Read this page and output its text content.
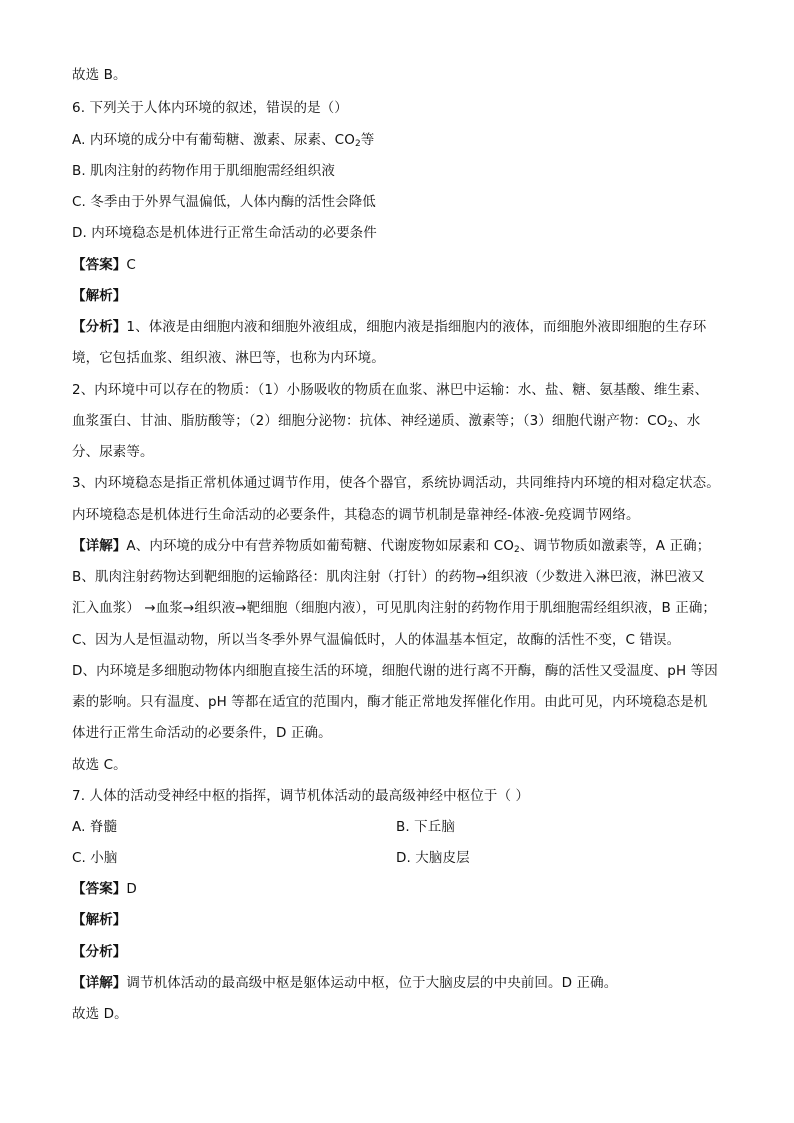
故选 B。
6. 下列关于人体内环境的叙述，错误的是（）
A. 内环境的成分中有葡萄糖、激素、尿素、$CO_2$等
B. 肌肉注射的药物作用于肌细胞需经组织液
C. 冬季由于外界气温偏低，人体内酶的活性会降低
D. 内环境稳态是机体进行正常生命活动的必要条件
【答案】C
【解析】
【分析】1、体液是由细胞内液和细胞外液组成，细胞内液是指细胞内的液体，而细胞外液即细胞的生存环
境，它包括血浆、组织液、淋巴等，也称为内环境。
2、内环境中可以存在的物质：（1）小肠吸收的物质在血浆、淋巴中运输：水、盐、糖、氨基酸、维生素、
血浆蛋白、甘油、脂肪酸等；（2）细胞分泌物：抗体、神经递质、激素等；（3）细胞代谢产物：$CO_2$、水
分、尿素等。
3、内环境稳态是指正常机体通过调节作用，使各个器官，系统协调活动，共同维持内环境的相对稳定状态。
内环境稳态是机体进行生命活动的必要条件，其稳态的调节机制是靠神经-体液-免疫调节网络。
【详解】A、内环境的成分中有营养物质如葡萄糖、代谢废物如尿素和 $CO_2$、调节物质如激素等，A 正确；
B、肌肉注射药物达到靶细胞的运输路径：肌肉注射（打针）的药物→组织液（少数进入淋巴液，淋巴液又
汇入血浆） →血浆→组织液→靶细胞（细胞内液），可见肌肉注射的药物作用于肌细胞需经组织液，B 正确；
C、因为人是恒温动物，所以当冬季外界气温偏低时，人的体温基本恒定，故酶的活性不变，C 错误。
D、内环境是多细胞动物体内细胞直接生活的环境，细胞代谢的进行离不开酶，酶的活性又受温度、pH 等因
素的影响。只有温度、pH 等都在适宜的范围内，酶才能正常地发挥催化作用。由此可见，内环境稳态是机
体进行正常生命活动的必要条件，D 正确。
故选 C。
7. 人体的活动受神经中枢的指挥，调节机体活动的最高级神经中枢位于（ ）
A. 脊髓	B. 下丘脑
C. 小脑	D. 大脑皮层
【答案】D
【解析】
【分析】
【详解】调节机体活动的最高级中枢是躯体运动中枢，位于大脑皮层的中央前回。D 正确。
故选 D。
